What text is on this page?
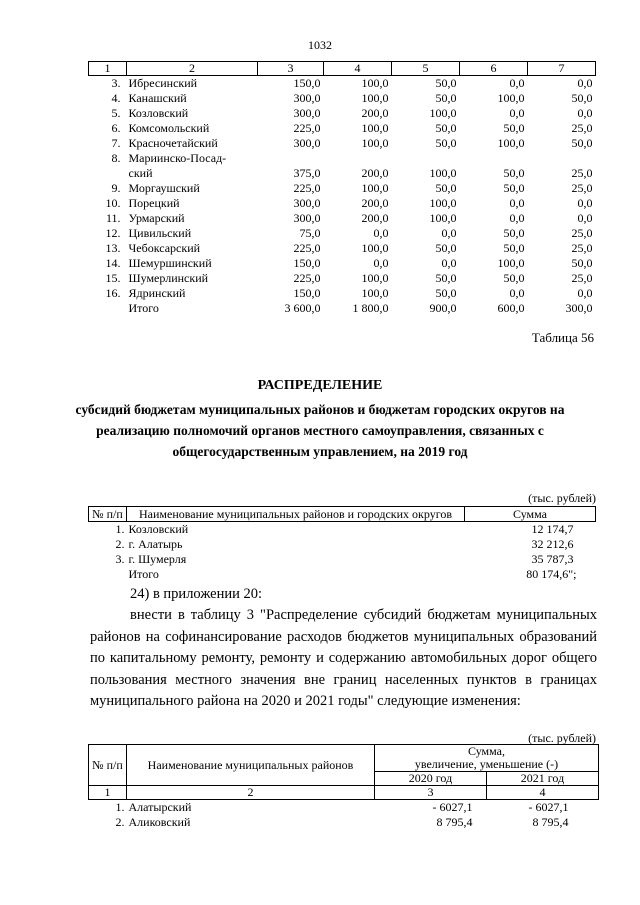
1032
1	2	3	4	5	6	7
3.	Ибресинский	150,0	100,0	50,0	0,0	0,0
4.	Канашский	300,0	100,0	50,0	100,0	50,0
5.	Козловский	300,0	200,0	100,0	0,0	0,0
6.	Комсомольский	225,0	100,0	50,0	50,0	25,0
7.	Красночетайский	300,0	100,0	50,0	100,0	50,0
8.	Мариинско-Посад-					
	ский	375,0	200,0	100,0	50,0	25,0
9.	Моргаушский	225,0	100,0	50,0	50,0	25,0
10.	Порецкий	300,0	200,0	100,0	0,0	0,0
11.	Урмарский	300,0	200,0	100,0	0,0	0,0
12.	Цивильский	75,0	0,0	0,0	50,0	25,0
13.	Чебоксарский	225,0	100,0	50,0	50,0	25,0
14.	Шемуршинский	150,0	0,0	0,0	100,0	50,0
15.	Шумерлинский	225,0	100,0	50,0	50,0	25,0
16.	Ядринский	150,0	100,0	50,0	0,0	0,0
	Итого	3 600,0	1 800,0	900,0	600,0	300,0
Таблица 56
РАСПРЕДЕЛЕНИЕ
субсидий бюджетам муниципальных районов и бюджетам городских округов на реализацию полномочий органов местного самоуправления, связанных с общегосударственным управлением, на 2019 год
(тыс. рублей)
№ п/п	Наименование муниципальных районов и городских округов	Сумма
1.	Козловский	12 174,7
2.	г. Алатырь	32 212,6
3.	г. Шумерля	35 787,3
	Итого	80 174,6";
24) в приложении 20:
внести в таблицу 3 "Распределение субсидий бюджетам муниципальных районов на софинансирование расходов бюджетов муниципальных образований по капитальному ремонту, ремонту и содержанию автомобильных дорог общего пользования местного значения вне границ населенных пунктов в границах муниципального района на 2020 и 2021 годы" следующие изменения:
(тыс. рублей)
№ п/п	Наименование муниципальных районов	Сумма,
увеличение, уменьшение (-)	

		2020 год	2021 год
1	2	3	4
1.	Алатырский	- 6027,1	- 6027,1
2.	Аликовский	8 795,4	8 795,4
